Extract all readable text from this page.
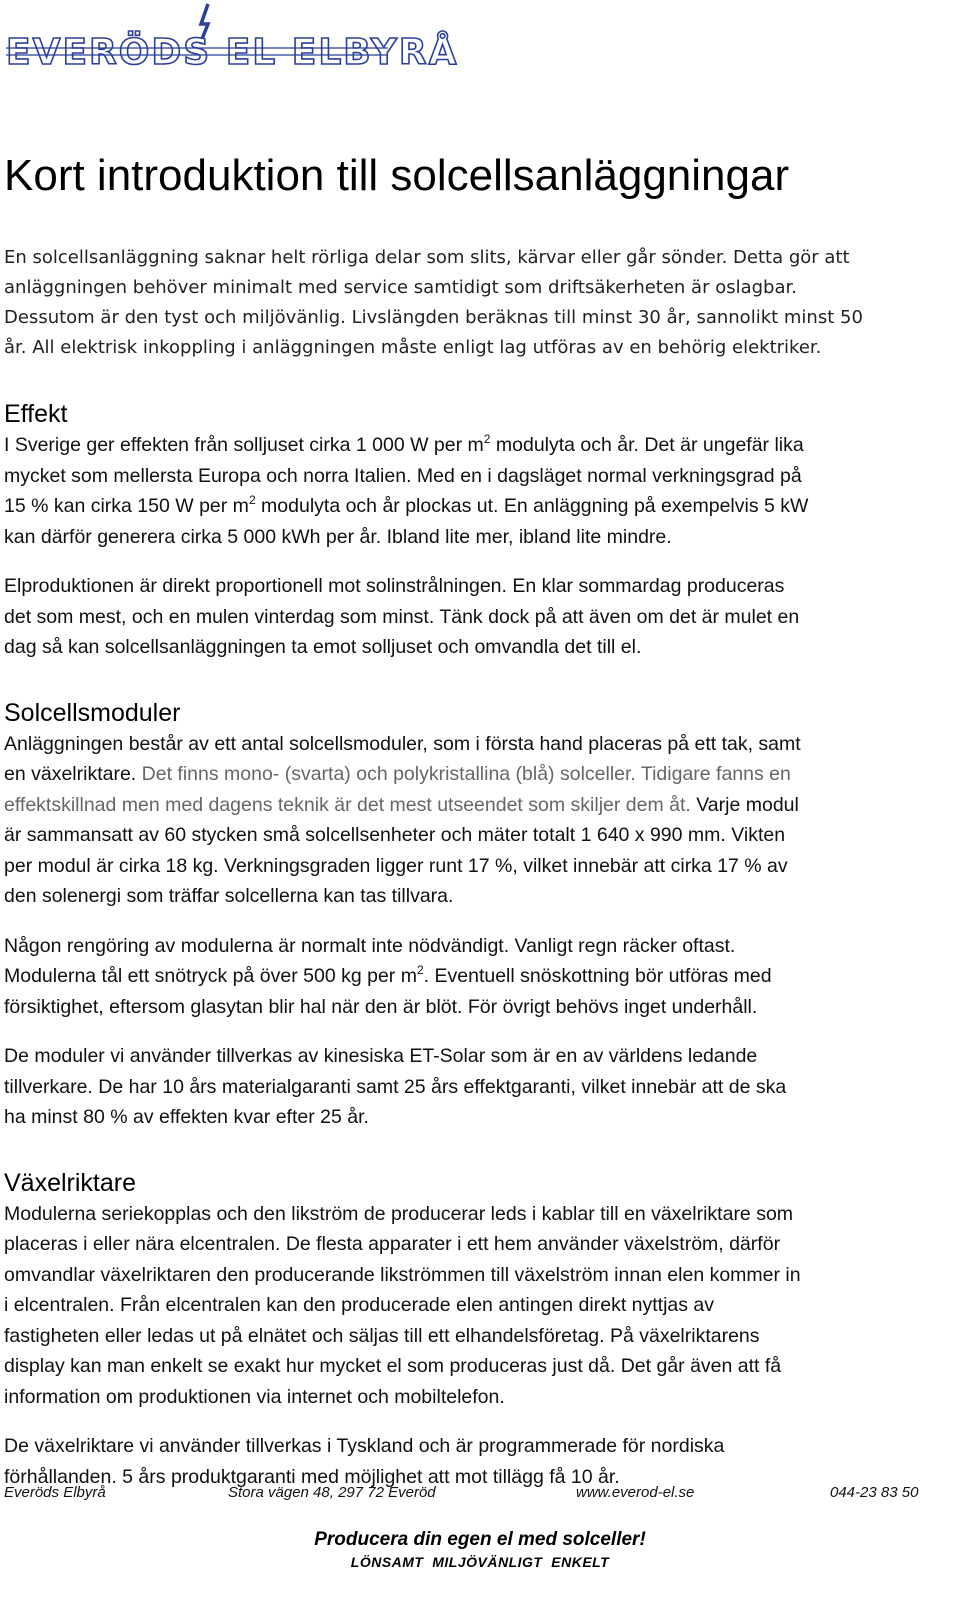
EVERÖDS EL ELBYRÅ
Kort introduktion till solcellsanläggningar

En solcellsanläggning saknar helt rörliga delar som slits, kärvar eller går sönder. Detta gör att
anläggningen behöver minimalt med service samtidigt som driftsäkerheten är oslagbar.
Dessutom är den tyst och miljövänlig. Livslängden beräknas till minst 30 år, sannolikt minst 50
år. All elektrisk inkoppling i anläggningen måste enligt lag utföras av en behörig elektriker.

Effekt

I Sverige ger effekten från solljuset cirka 1 000 W per $m^2$ modulyta och år. Det är ungefär lika
mycket som mellersta Europa och norra Italien. Med en i dagsläget normal verkningsgrad på
15 % kan cirka 150 W per $m^2$ modulyta och år plockas ut. En anläggning på exempelvis 5 kW
kan därför generera cirka 5 000 kWh per år. Ibland lite mer, ibland lite mindre.

Elproduktionen är direkt proportionell mot solinstrålningen. En klar sommardag produceras
det som mest, och en mulen vinterdag som minst. Tänk dock på att även om det är mulet en
dag så kan solcellsanläggningen ta emot solljuset och omvandla det till el.

Solcellsmoduler

Anläggningen består av ett antal solcellsmoduler, som i första hand placeras på ett tak, samt
en växelriktare. Det finns mono- (svarta) och polykristallina (blå) solceller. Tidigare fanns en
effektskillnad men med dagens teknik är det mest utseendet som skiljer dem åt. Varje modul
är sammansatt av 60 stycken små solcellsenheter och mäter totalt 1 640 x 990 mm. Vikten
per modul är cirka 18 kg. Verkningsgraden ligger runt 17 %, vilket innebär att cirka 17 % av
den solenergi som träffar solcellerna kan tas tillvara.

Någon rengöring av modulerna är normalt inte nödvändigt. Vanligt regn räcker oftast.
Modulerna tål ett snötryck på över 500 kg per $m^2$. Eventuell snöskottning bör utföras med
försiktighet, eftersom glasytan blir hal när den är blöt. För övrigt behövs inget underhåll.

De moduler vi använder tillverkas av kinesiska ET-Solar som är en av världens ledande
tillverkare. De har 10 års materialgaranti samt 25 års effektgaranti, vilket innebär att de ska
ha minst 80 % av effekten kvar efter 25 år.

Växelriktare

Modulerna seriekopplas och den likström de producerar leds i kablar till en växelriktare som
placeras i eller nära elcentralen. De flesta apparater i ett hem använder växelström, därför
omvandlar växelriktaren den producerande likströmmen till växelström innan elen kommer in
i elcentralen. Från elcentralen kan den producerade elen antingen direkt nyttjas av
fastigheten eller ledas ut på elnätet och säljas till ett elhandelsföretag. På växelriktarens
display kan man enkelt se exakt hur mycket el som produceras just då. Det går även att få
information om produktionen via internet och mobiltelefon.

De växelriktare vi använder tillverkas i Tyskland och är programmerade för nordiska
förhållanden. 5 års produktgaranti med möjlighet att mot tillägg få 10 år.

Everöds Elbyrå	Stora vägen 48, 297 72 Everöd	www.everod-el.se	044-23 83 50
Producera din egen el med solceller!
LÖNSAMT  MILJÖVÄNLIGT  ENKELT
